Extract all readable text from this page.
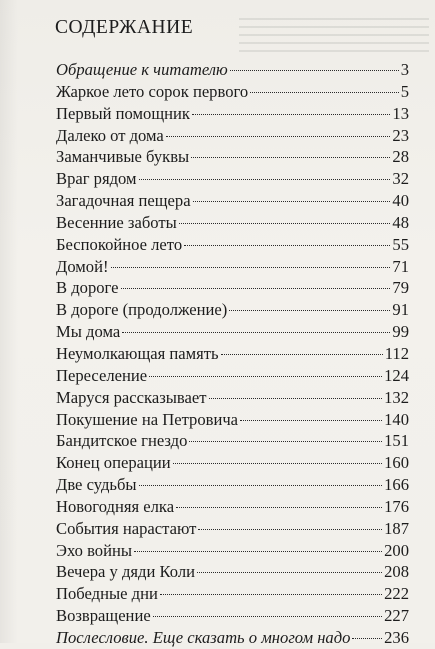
СОДЕРЖАНИЕ
Обращение к читателю	3
Жаркое лето сорок первого	5
Первый помощник	13
Далеко от дома	23
Заманчивые буквы	28
Враг рядом	32
Загадочная пещера	40
Весенние заботы	48
Беспокойное лето	55
Домой!	71
В дороге	79
В дороге (продолжение)	91
Мы дома	99
Неумолкающая память	112
Переселение	124
Маруся рассказывает	132
Покушение на Петровича	140
Бандитское гнездо	151
Конец операции	160
Две судьбы	166
Новогодняя елка	176
События нарастают	187
Эхо войны	200
Вечера у дяди Коли	208
Победные дни	222
Возвращение	227
Послесловие. Еще сказать о многом надо 236
